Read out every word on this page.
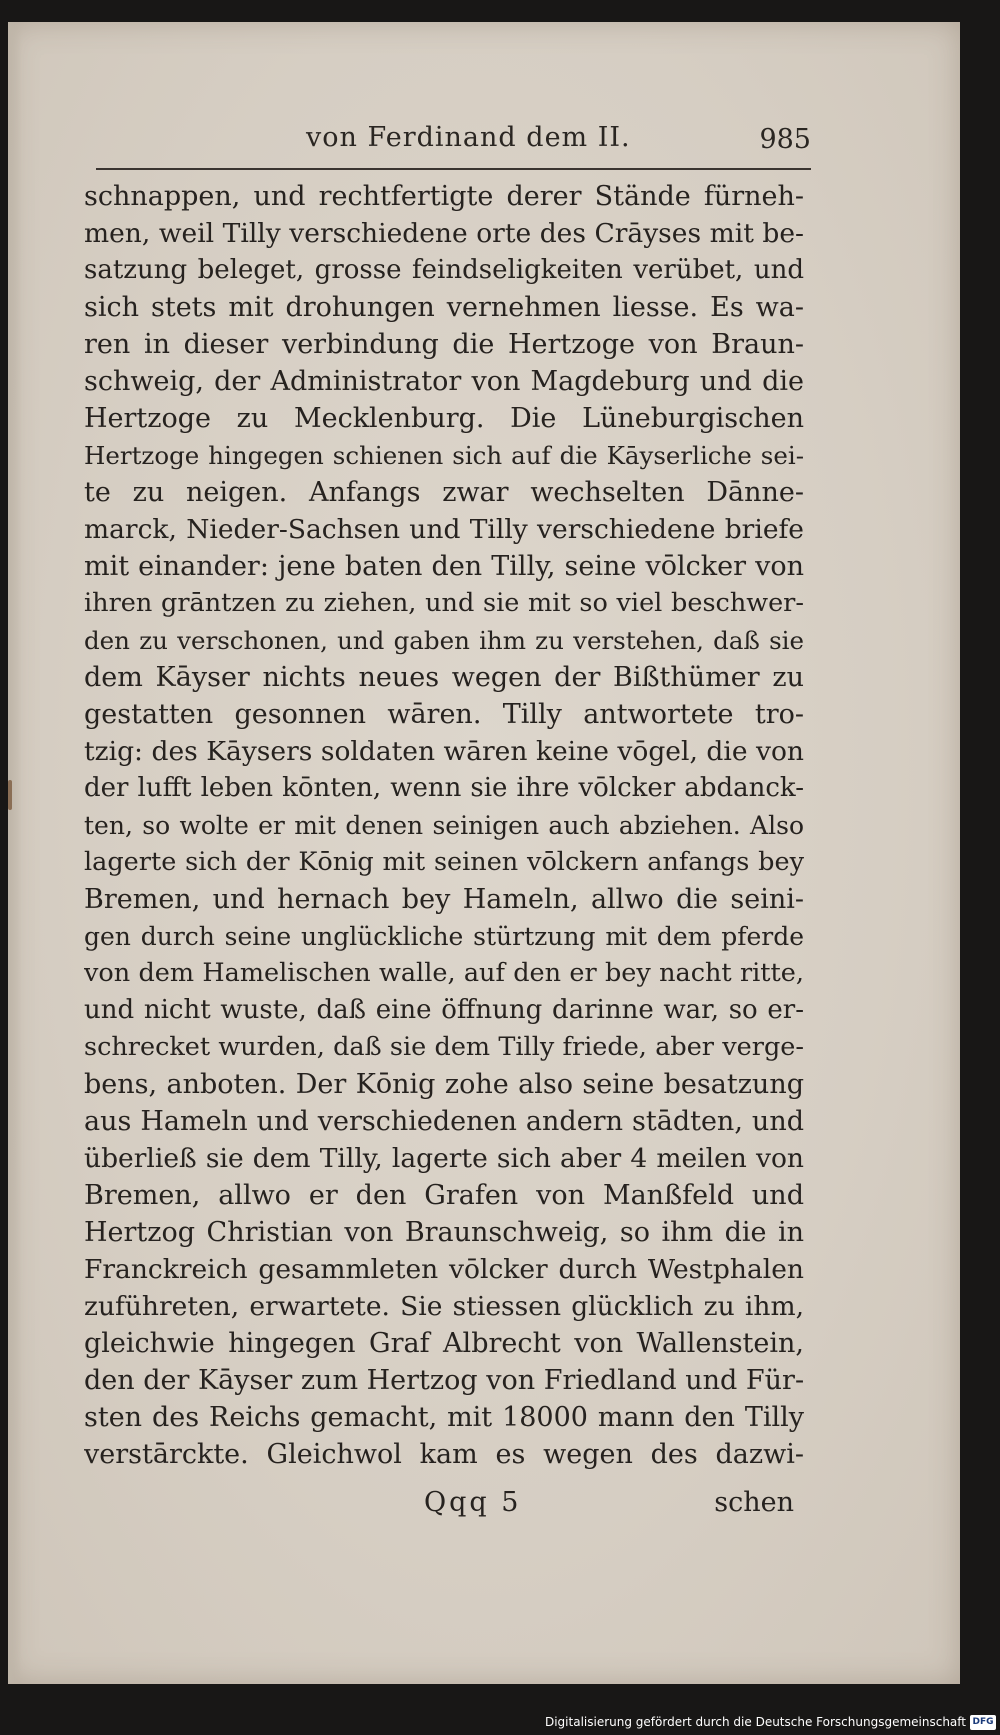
von Ferdinand dem II.	985
schnappen, und rechtfertigte derer Stände fürneh-
men, weil Tilly verschiedene orte des Crāyses mit be-
satzung beleget, grosse feindseligkeiten verübet, und
sich stets mit drohungen vernehmen liesse. Es wa-
ren in dieser verbindung die Hertzoge von Braun-
schweig, der Administrator von Magdeburg und die
Hertzoge zu Mecklenburg. Die Lüneburgischen
Hertzoge hingegen schienen sich auf die Kāyserliche sei-
te zu neigen. Anfangs zwar wechselten Dānne-
marck, Nieder-Sachsen und Tilly verschiedene briefe
mit einander: jene baten den Tilly, seine vōlcker von
ihren grāntzen zu ziehen, und sie mit so viel beschwer-
den zu verschonen, und gaben ihm zu verstehen, daß sie
dem Kāyser nichts neues wegen der Bißthümer zu
gestatten gesonnen wāren. Tilly antwortete tro-
tzig: des Kāysers soldaten wāren keine vōgel, die von
der lufft leben kōnten, wenn sie ihre vōlcker abdanck-
ten, so wolte er mit denen seinigen auch abziehen. Also
lagerte sich der Kōnig mit seinen vōlckern anfangs bey
Bremen, und hernach bey Hameln, allwo die seini-
gen durch seine unglückliche stürtzung mit dem pferde
von dem Hamelischen walle, auf den er bey nacht ritte,
und nicht wuste, daß eine öffnung darinne war, so er-
schrecket wurden, daß sie dem Tilly friede, aber verge-
bens, anboten. Der Kōnig zohe also seine besatzung
aus Hameln und verschiedenen andern stādten, und
überließ sie dem Tilly, lagerte sich aber 4 meilen von
Bremen, allwo er den Grafen von Manßfeld und
Hertzog Christian von Braunschweig, so ihm die in
Franckreich gesammleten vōlcker durch Westphalen
zuführeten, erwartete. Sie stiessen glücklich zu ihm,
gleichwie hingegen Graf Albrecht von Wallenstein,
den der Kāyser zum Hertzog von Friedland und Für-
sten des Reichs gemacht, mit 18000 mann den Tilly
verstārckte. Gleichwol kam es wegen des dazwi-
Qqq 5	schen
Digitalisierung gefördert durch die Deutsche Forschungsgemeinschaft DFG
